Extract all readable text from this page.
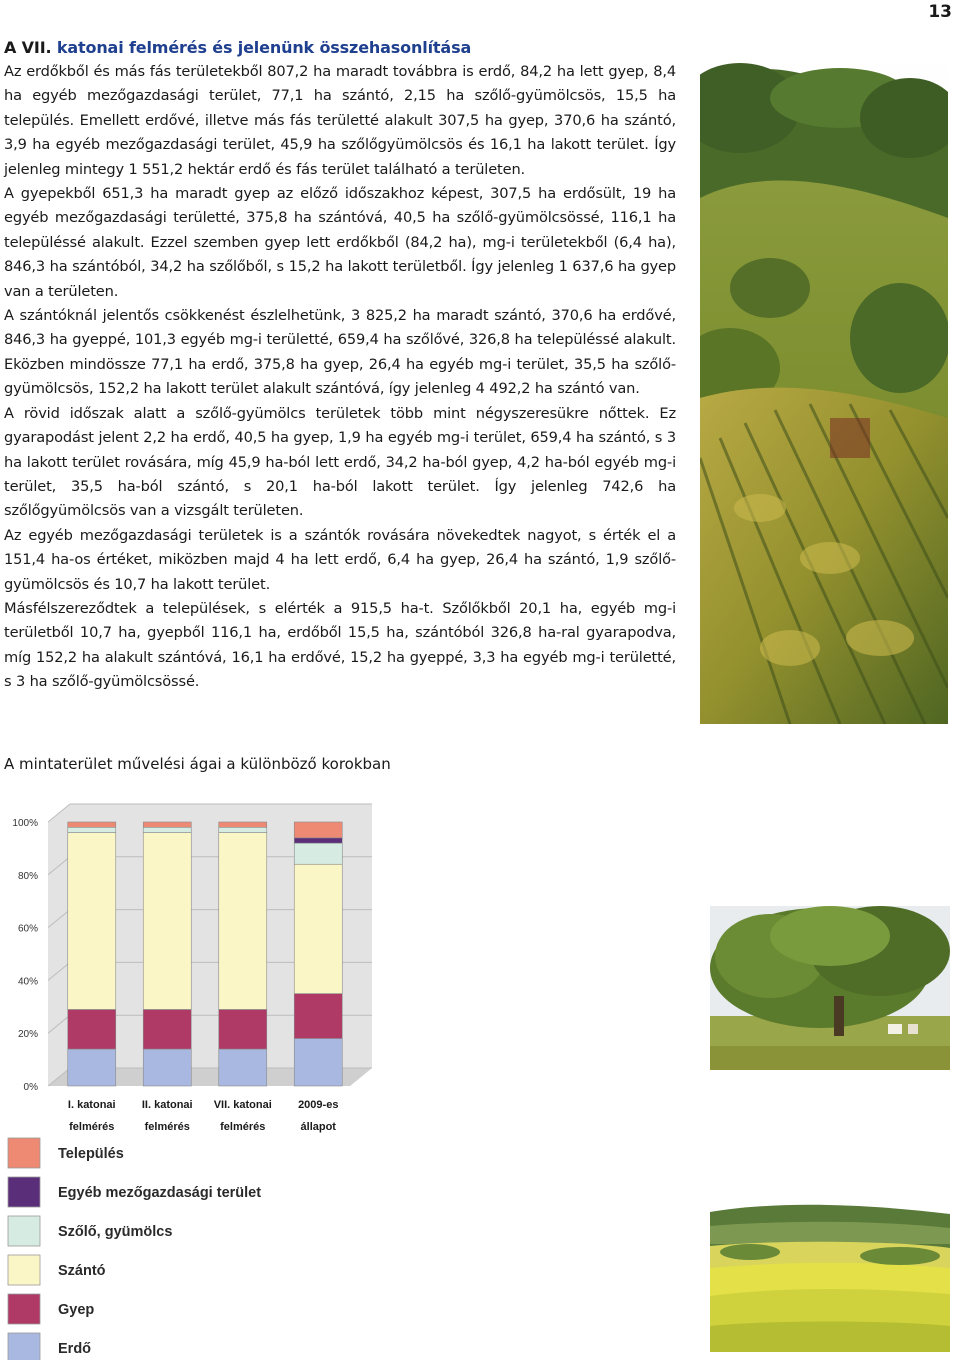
13
A VII. katonai felmérés és jelenünk összehasonlítása

Az erdőkből és más fás területekből 807,2 ha maradt továbbra is erdő, 84,2 ha lett gyep, 8,4 ha egyéb mezőgazdasági terület, 77,1 ha szántó, 2,15 ha szőlő-gyümölcsös, 15,5 ha település. Emellett erdővé, illetve más fás területté alakult 307,5 ha gyep, 370,6 ha szántó, 3,9 ha egyéb mezőgazdasági terület, 45,9 ha szőlőgyümölcsös és 16,1 ha lakott terület. Így jelenleg mintegy 1 551,2 hektár erdő és fás terület található a területen.

A gyepekből 651,3 ha maradt gyep az előző időszakhoz képest, 307,5 ha erdősült, 19 ha egyéb mezőgazdasági területté, 375,8 ha szántóvá, 40,5 ha szőlő-gyümölcsössé, 116,1 ha településsé alakult. Ezzel szemben gyep lett erdőkből (84,2 ha), mg-i területekből (6,4 ha), 846,3 ha szántóból, 34,2 ha szőlőből, s 15,2 ha lakott területből. Így jelenleg 1 637,6 ha gyep van a területen.

A szántóknál jelentős csökkenést észlelhetünk, 3 825,2 ha maradt szántó, 370,6 ha erdővé, 846,3 ha gyeppé, 101,3 egyéb mg-i területté, 659,4 ha szőlővé, 326,8 ha településsé alakult. Eközben mindössze 77,1 ha erdő, 375,8 ha gyep, 26,4 ha egyéb mg-i terület, 35,5 ha szőlő-gyümölcsös, 152,2 ha lakott terület alakult szántóvá, így jelenleg 4 492,2 ha szántó van.

A rövid időszak alatt a szőlő-gyümölcs területek több mint négyszeresükre nőttek. Ez gyarapodást jelent 2,2 ha erdő, 40,5 ha gyep, 1,9 ha egyéb mg-i terület, 659,4 ha szántó, s 3 ha lakott terület rovására, míg 45,9 ha-ból lett erdő, 34,2 ha-ból gyep, 4,2 ha-ból egyéb mg-i terület, 35,5 ha-ból szántó, s 20,1 ha-ból lakott terület. Így jelenleg 742,6 ha szőlőgyümölcsös van a vizsgált területen.

Az egyéb mezőgazdasági területek is a szántók rovására növekedtek nagyot, s érték el a 151,4 ha-os értéket, miközben majd 4 ha lett erdő, 6,4 ha gyep, 26,4 ha szántó, 1,9 szőlő-gyümölcsös és 10,7 ha lakott terület.

Másfélszereződtek a települések, s elérték a 915,5 ha-t. Szőlőkből 20,1 ha, egyéb mg-i területből 10,7 ha, gyepből 116,1 ha, erdőből 15,5 ha, szántóból 326,8 ha-ral gyarapodva, míg 152,2 ha alakult szántóvá, 16,1 ha erdővé, 15,2 ha gyeppé, 3,3 ha egyéb mg-i területté, s 3 ha szőlő-gyümölcsössé.

A mintaterület művelési ágai a különböző korokban
0%
20%
40%
60%
80%
100%
I. katonai
felmérés
II. katonai
felmérés
VII. katonai
felmérés
2009-es
állapot
Település
Egyéb mezőgazdasági terület
Szőlő, gyümölcs
Szántó
Gyep
Erdő
